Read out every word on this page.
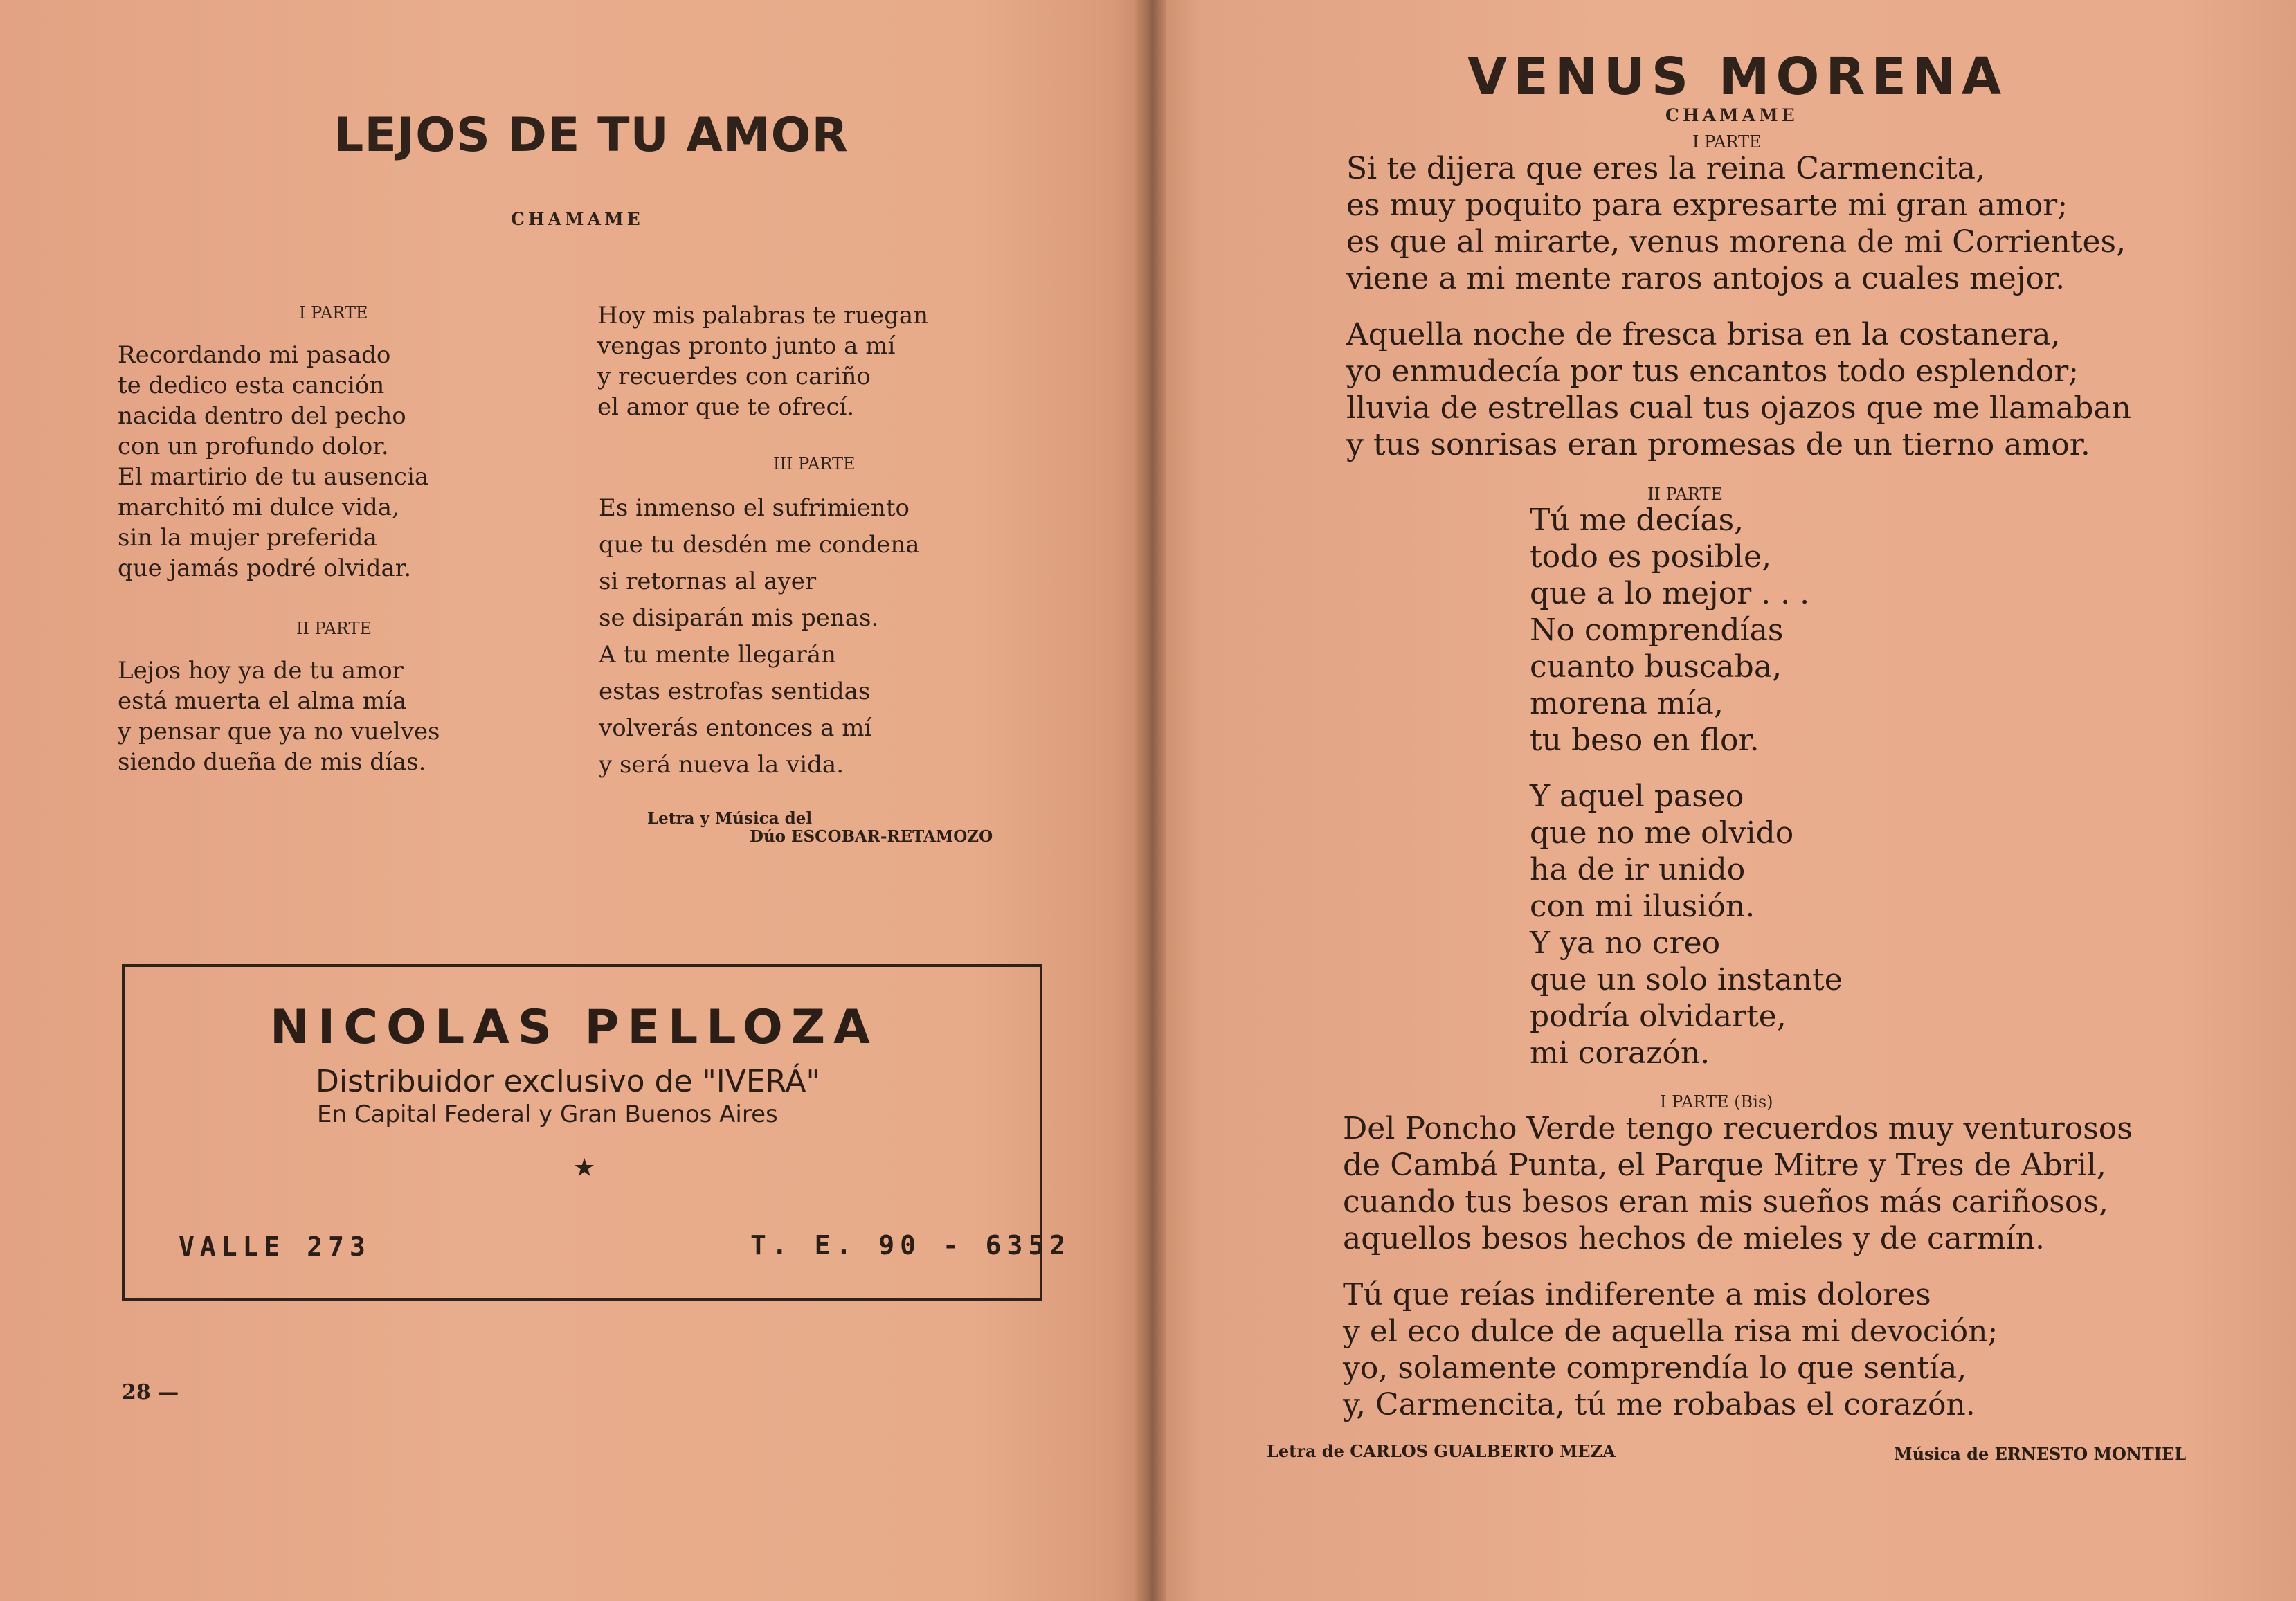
LEJOS DE TU AMOR
CHAMAME
I PARTE
Recordando mi pasado
te dedico esta canción
nacida dentro del pecho
con un profundo dolor.
El martirio de tu ausencia
marchitó mi dulce vida,
sin la mujer preferida
que jamás podré olvidar.
II PARTE
Lejos hoy ya de tu amor
está muerta el alma mía
y pensar que ya no vuelves
siendo dueña de mis días.
Hoy mis palabras te ruegan
vengas pronto junto a mí
y recuerdes con cariño
el amor que te ofrecí.
III PARTE
Es inmenso el sufrimiento
que tu desdén me condena
si retornas al ayer
se disiparán mis penas.
A tu mente llegarán
estas estrofas sentidas
volverás entonces a mí
y será nueva la vida.
Letra y Música del
Dúo ESCOBAR-RETAMOZO
NICOLAS PELLOZA
Distribuidor exclusivo de "IVERÁ"
En Capital Federal y Gran Buenos Aires
★
VALLE 273	T. E. 90 - 6352
28 —
VENUS MORENA
CHAMAME
I PARTE
Si te dijera que eres la reina Carmencita,
es muy poquito para expresarte mi gran amor;
es que al mirarte, venus morena de mi Corrientes,
viene a mi mente raros antojos a cuales mejor.
Aquella noche de fresca brisa en la costanera,
yo enmudecía por tus encantos todo esplendor;
lluvia de estrellas cual tus ojazos que me llamaban
y tus sonrisas eran promesas de un tierno amor.
II PARTE
Tú me decías,
todo es posible,
que a lo mejor . . .
No comprendías
cuanto buscaba,
morena mía,
tu beso en flor.
Y aquel paseo
que no me olvido
ha de ir unido
con mi ilusión.
Y ya no creo
que un solo instante
podría olvidarte,
mi corazón.
I PARTE (Bis)
Del Poncho Verde tengo recuerdos muy venturosos
de Cambá Punta, el Parque Mitre y Tres de Abril,
cuando tus besos eran mis sueños más cariñosos,
aquellos besos hechos de mieles y de carmín.
Tú que reías indiferente a mis dolores
y el eco dulce de aquella risa mi devoción;
yo, solamente comprendía lo que sentía,
y, Carmencita, tú me robabas el corazón.
Letra de CARLOS GUALBERTO MEZA	Música de ERNESTO MONTIEL
